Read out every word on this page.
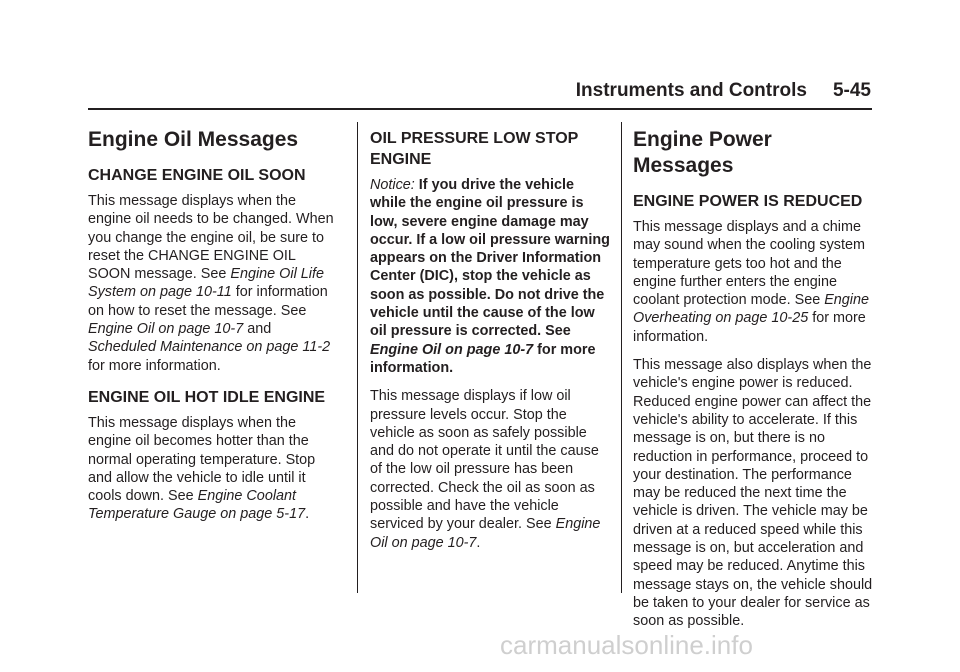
Instruments and Controls 5-45
Engine Oil Messages
CHANGE ENGINE OIL SOON

This message displays when the engine oil needs to be changed. When you change the engine oil, be sure to reset the CHANGE ENGINE OIL SOON message. See Engine Oil Life System on page 10-11 for information on how to reset the message. See Engine Oil on page 10-7 and Scheduled Maintenance on page 11-2 for more information.

ENGINE OIL HOT IDLE ENGINE

This message displays when the engine oil becomes hotter than the normal operating temperature. Stop and allow the vehicle to idle until it cools down. See Engine Coolant Temperature Gauge on page 5-17.

OIL PRESSURE LOW STOP ENGINE

Notice: If you drive the vehicle while the engine oil pressure is low, severe engine damage may occur. If a low oil pressure warning appears on the Driver Information Center (DIC), stop the vehicle as soon as possible. Do not drive the vehicle until the cause of the low oil pressure is corrected. See Engine Oil on page 10-7 for more information.

This message displays if low oil pressure levels occur. Stop the vehicle as soon as safely possible and do not operate it until the cause of the low oil pressure has been corrected. Check the oil as soon as possible and have the vehicle serviced by your dealer. See Engine Oil on page 10-7.

Engine Power Messages
ENGINE POWER IS REDUCED

This message displays and a chime may sound when the cooling system temperature gets too hot and the engine further enters the engine coolant protection mode. See Engine Overheating on page 10-25 for more information.

This message also displays when the vehicle's engine power is reduced. Reduced engine power can affect the vehicle's ability to accelerate. If this message is on, but there is no reduction in performance, proceed to your destination. The performance may be reduced the next time the vehicle is driven. The vehicle may be driven at a reduced speed while this message is on, but acceleration and speed may be reduced. Anytime this message stays on, the vehicle should be taken to your dealer for service as soon as possible.

carmanualsonline.info
